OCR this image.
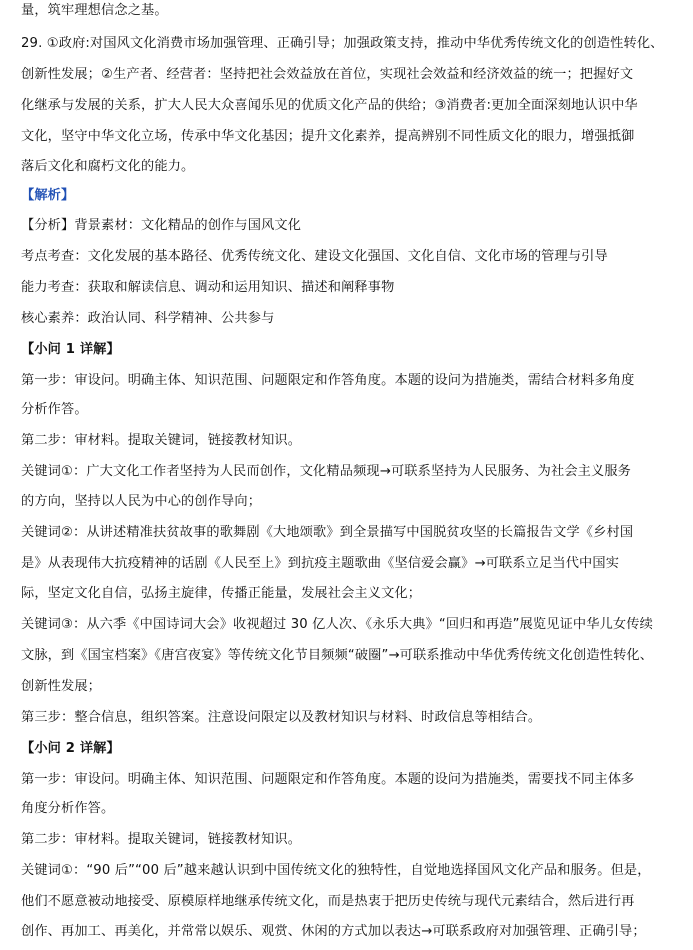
量，筑牢理想信念之基。
29. ①政府:对国风文化消费市场加强管理、正确引导；加强政策支持，推动中华优秀传统文化的创造性转化、
创新性发展；②生产者、经营者：坚持把社会效益放在首位，实现社会效益和经济效益的统一；把握好文
化继承与发展的关系，扩大人民大众喜闻乐见的优质文化产品的供给；③消费者:更加全面深刻地认识中华
文化，坚守中华文化立场，传承中华文化基因；提升文化素养，提高辨别不同性质文化的眼力，增强抵御
落后文化和腐朽文化的能力。
【解析】
【分析】背景素材：文化精品的创作与国风文化
考点考查：文化发展的基本路径、优秀传统文化、建设文化强国、文化自信、文化市场的管理与引导
能力考查：获取和解读信息、调动和运用知识、描述和阐释事物
核心素养：政治认同、科学精神、公共参与
【小问 1 详解】
第一步：审设问。明确主体、知识范围、问题限定和作答角度。本题的设问为措施类，需结合材料多角度
分析作答。
第二步：审材料。提取关键词，链接教材知识。
关键词①：广大文化工作者坚持为人民而创作，文化精品频现→可联系坚持为人民服务、为社会主义服务
的方向，坚持以人民为中心的创作导向；
关键词②：从讲述精准扶贫故事的歌舞剧《大地颂歌》到全景描写中国脱贫攻坚的长篇报告文学《乡村国
是》从表现伟大抗疫精神的话剧《人民至上》到抗疫主题歌曲《坚信爱会赢》→可联系立足当代中国实
际，坚定文化自信，弘扬主旋律，传播正能量，发展社会主义文化；
关键词③：从六季《中国诗词大会》收视超过 30 亿人次、《永乐大典》“回归和再造”展览见证中华儿女传续
文脉，到《国宝档案》《唐宫夜宴》等传统文化节目频频“破圈”→可联系推动中华优秀传统文化创造性转化、
创新性发展；
第三步：整合信息，组织答案。注意设问限定以及教材知识与材料、时政信息等相结合。
【小问 2 详解】
第一步：审设问。明确主体、知识范围、问题限定和作答角度。本题的设问为措施类，需要找不同主体多
角度分析作答。
第二步：审材料。提取关键词，链接教材知识。
关键词①：“90 后”“00 后”越来越认识到中国传统文化的独特性，自觉地选择国风文化产品和服务。但是，
他们不愿意被动地接受、原模原样地继承传统文化，而是热衷于把历史传统与现代元素结合，然后进行再
创作、再加工、再美化，并常常以娱乐、观赏、休闲的方式加以表达→可联系政府对加强管理、正确引导；
